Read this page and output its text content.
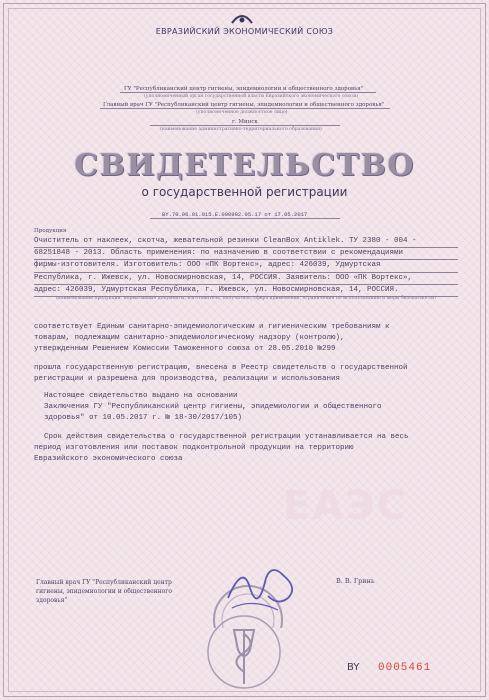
ЕВРАЗИЙСКИЙ ЭКОНОМИЧЕСКИЙ СОЮЗ
ГУ "Республиканский центр гигиены, эпидемиологии и общественного здоровья"
(уполномоченный орган государственной власти Евразийского экономического союза)
Главный врач ГУ "Республиканский центр гигиены, эпидемиологии и общественного здоровья"
(уполномоченное должностное лицо)
г. Минск
(наименование административно-территориального образования)
СВИДЕТЕЛЬСТВО
о государственной регистрации
BY.70.06.01.015.Е.000902.05.17 от 17.05.2017
Продукция
Очиститель от наклеек, скотча, жевательной резинки CleanBox Antiklek. ТУ 2380 - 004 -
68251848 - 2013. Область применения: по назначению в соответствии с рекомендациями
фирмы-изготовителя. Изготовитель: ООО «ПК Вортекс», адрес: 426039, Удмуртская
Республика, г. Ижевск, ул. Новосмирновская, 14, РОССИЯ. Заявитель: ООО «ПК Вортекс»,
адрес: 426039, Удмуртская Республика, г. Ижевск, ул. Новосмирновская, 14, РОССИЯ.
(наименование продукции, нормативные документы, изготовитель, получатель, сфера применения, ограничения по использованию и меры безопасности)
соответствует Единым санитарно-эпидемиологическим и гигиеническим требованиям к
товарам, подлежащим санитарно-эпидемиологическому надзору (контролю),
утвержденным Решением Комиссии Таможенного союза от 28.05.2010 №299
прошла государственную регистрацию, внесена в Реестр свидетельств о государственной
регистрации и разрешена для производства, реализации и использования
Настоящее свидетельство выдано на основании
Заключения ГУ "Республиканский центр гигиены, эпидемиологии и общественного
здоровья" от 10.05.2017 г. № 18-30/2017/105)
Срок действия свидетельства о государственной регистрации устанавливается на весь
период изготовления или поставок подконтрольной продукции на территорию
Евразийского экономического союза
ЕАЭС
Главный врач ГУ "Республиканский центр
гигиены, эпидемиологии и общественного
здоровья"
В. В. Гринь
BY 0005461
